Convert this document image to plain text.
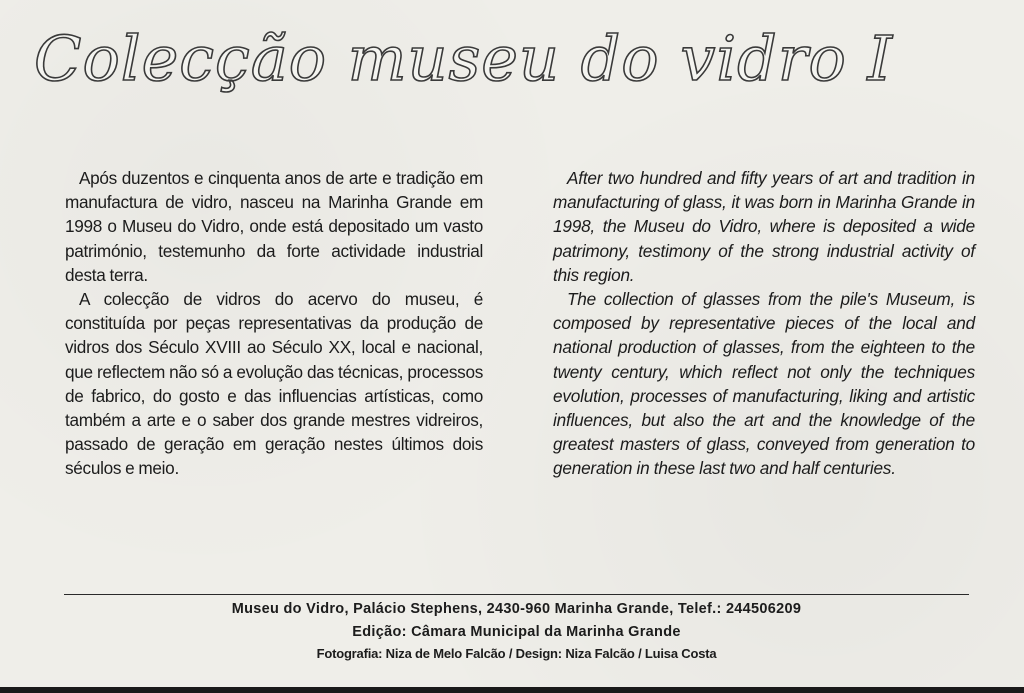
Colecção museu do vidro I

Após duzentos e cinquenta anos de arte e tradição em manufactura de vidro, nasceu na Marinha Grande em 1998 o Museu do Vidro, onde está depositado um vasto património, testemunho da forte actividade industrial desta terra.

A colecção de vidros do acervo do museu, é constituída por peças representativas da produção de vidros dos Século XVIII ao Século XX, local e nacional, que reflectem não só a evolução das técnicas, processos de fabrico, do gosto e das influencias artísticas, como também a arte e o saber dos grande mestres vidreiros, passado de geração em geração nestes últimos dois séculos e meio.

After two hundred and fifty years of art and tradition in manufacturing of glass, it was born in Marinha Grande in 1998, the Museu do Vidro, where is deposited a wide patrimony, testimony of the strong industrial activity of this region.

The collection of glasses from the pile's Museum, is composed by representative pieces of the local and national production of glasses, from the eighteen to the twenty century, which reflect not only the techniques evolution, processes of manufacturing, liking and artistic influences, but also the art and the knowledge of the greatest masters of glass, conveyed from generation to generation in these last two and half centuries.

Museu do Vidro, Palácio Stephens, 2430-960 Marinha Grande, Telef.: 244506209
Edição: Câmara Municipal da Marinha Grande
Fotografia: Niza de Melo Falcão / Design: Niza Falcão / Luisa Costa
